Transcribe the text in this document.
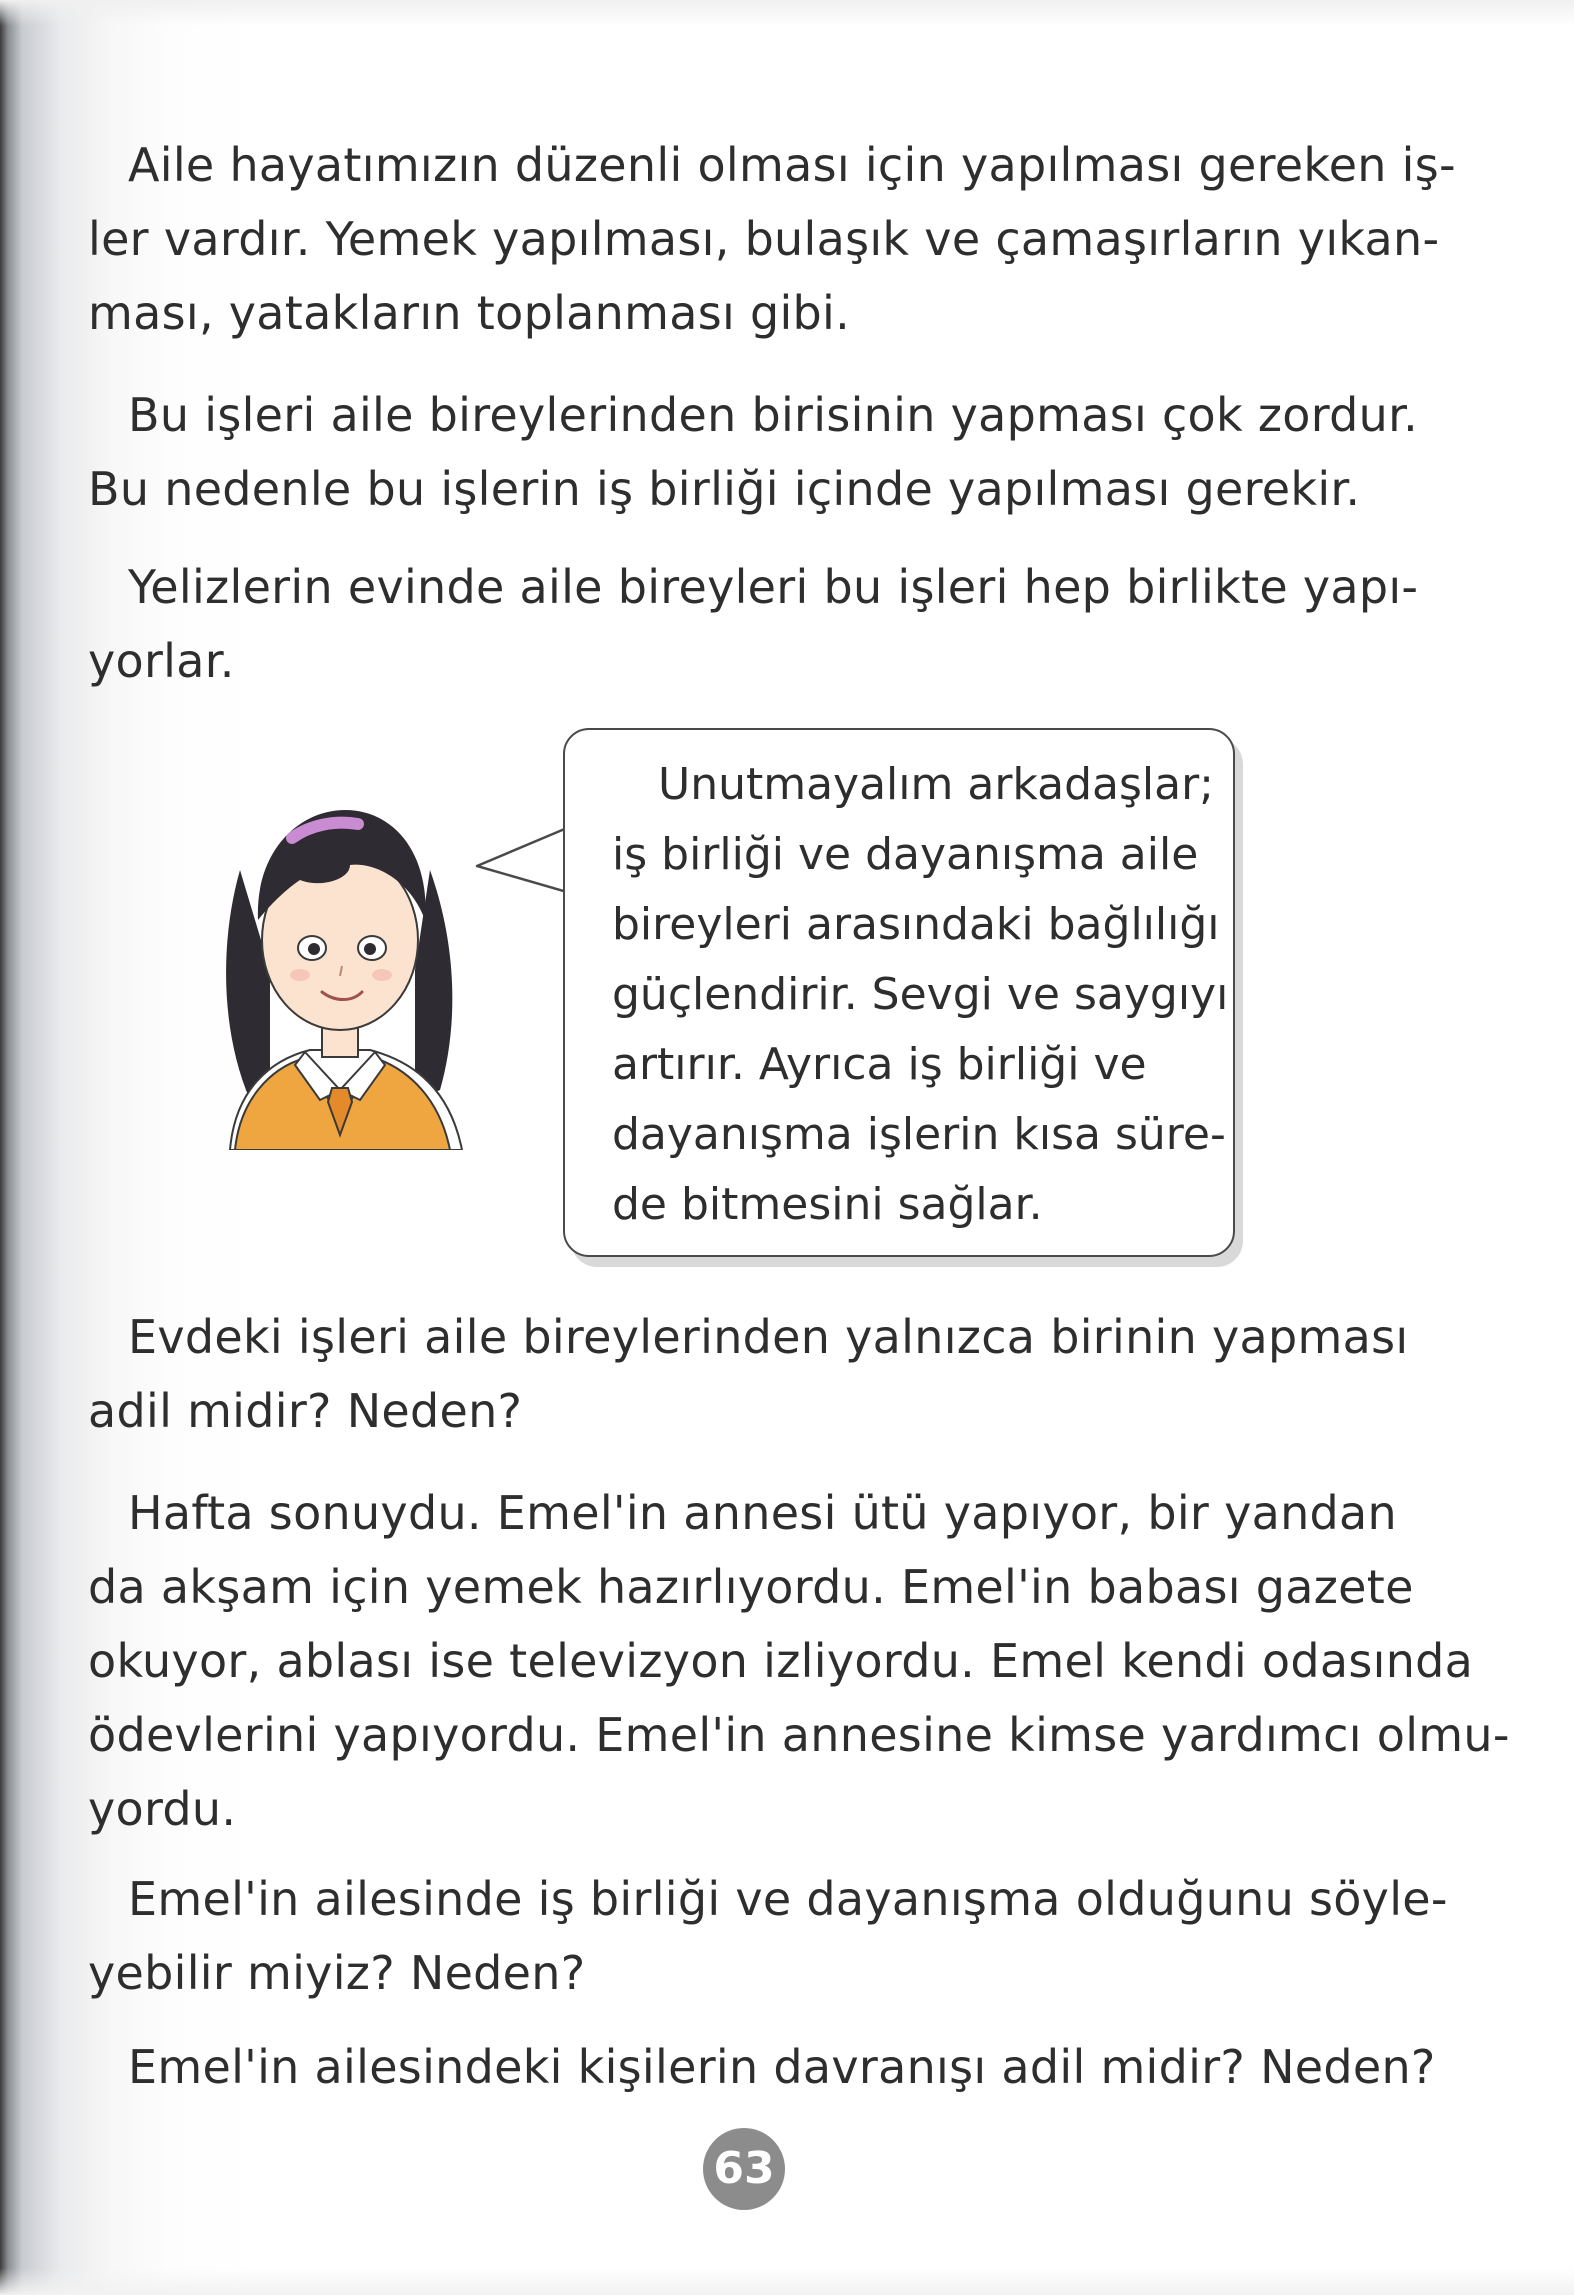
Aile hayatımızın düzenli olması için yapılması gereken iş-
ler vardır. Yemek yapılması, bulaşık ve çamaşırların yıkan-
ması, yatakların toplanması gibi.

Bu işleri aile bireylerinden birisinin yapması çok zordur.
Bu nedenle bu işlerin iş birliği içinde yapılması gerekir.

Yelizlerin evinde aile bireyleri bu işleri hep birlikte yapı-
yorlar.

Unutmayalım arkadaşlar;
iş birliği ve dayanışma aile
bireyleri arasındaki bağlılığı
güçlendirir. Sevgi ve saygıyı
artırır. Ayrıca iş birliği ve
dayanışma işlerin kısa süre-
de bitmesini sağlar.

Evdeki işleri aile bireylerinden yalnızca birinin yapması
adil midir? Neden?

Hafta sonuydu. Emel'in annesi ütü yapıyor, bir yandan
da akşam için yemek hazırlıyordu. Emel'in babası gazete
okuyor, ablası ise televizyon izliyordu. Emel kendi odasında
ödevlerini yapıyordu. Emel'in annesine kimse yardımcı olmu-
yordu.

Emel'in ailesinde iş birliği ve dayanışma olduğunu söyle-
yebilir miyiz? Neden?

Emel'in ailesindeki kişilerin davranışı adil midir? Neden?

63
